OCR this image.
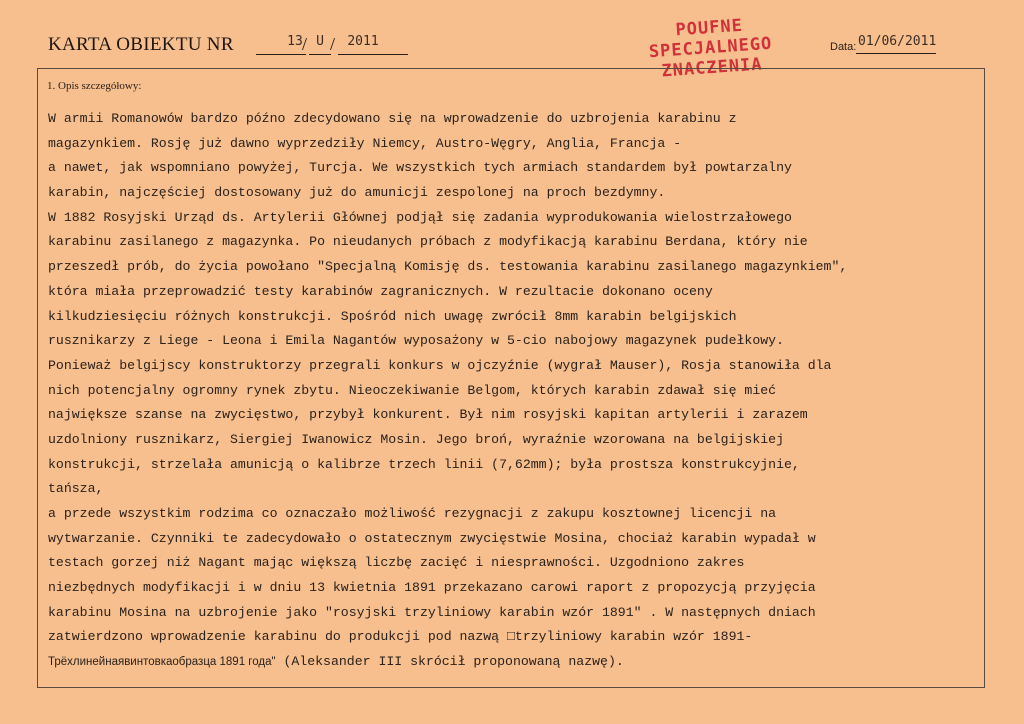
KARTA OBIEKTU NR	13 / U / 2011
POUFNE
SPECJALNEGO
ZNACZENIA
Data: 01/06/2011
1. Opis szczegółowy:
W armii Romanowów bardzo późno zdecydowano się na wprowadzenie do uzbrojenia karabinu z
magazynkiem. Rosję już dawno wyprzedziły Niemcy, Austro-Węgry, Anglia, Francja -
a nawet, jak wspomniano powyżej, Turcja. We wszystkich tych armiach standardem był powtarzalny
karabin, najczęściej dostosowany już do amunicji zespolonej na proch bezdymny.
W 1882 Rosyjski Urząd ds. Artylerii Głównej podjął się zadania wyprodukowania wielostrzałowego
karabinu zasilanego z magazynka. Po nieudanych próbach z modyfikacją karabinu Berdana, który nie
przeszedł prób, do życia powołano "Specjalną Komisję ds. testowania karabinu zasilanego magazynkiem",
która miała przeprowadzić testy karabinów zagranicznych. W rezultacie dokonano oceny
kilkudziesięciu różnych konstrukcji. Spośród nich uwagę zwrócił 8mm karabin belgijskich
rusznikarzy z Liege - Leona i Emila Nagantów wyposażony w 5-cio nabojowy magazynek pudełkowy.
Ponieważ belgijscy konstruktorzy przegrali konkurs w ojczyźnie (wygrał Mauser), Rosja stanowiła dla
nich potencjalny ogromny rynek zbytu. Nieoczekiwanie Belgom, których karabin zdawał się mieć
największe szanse na zwycięstwo, przybył konkurent. Był nim rosyjski kapitan artylerii i zarazem
uzdolniony rusznikarz, Siergiej Iwanowicz Mosin. Jego broń, wyraźnie wzorowana na belgijskiej
konstrukcji, strzelała amunicją o kalibrze trzech linii (7,62mm); była prostsza konstrukcyjnie,
tańsza,
a przede wszystkim rodzima co oznaczało możliwość rezygnacji z zakupu kosztownej licencji na
wytwarzanie. Czynniki te zadecydowało o ostatecznym zwycięstwie Mosina, chociaż karabin wypadał w
testach gorzej niż Nagant mając większą liczbę zacięć i niesprawności. Uzgodniono zakres
niezbędnych modyfikacji i w dniu 13 kwietnia 1891 przekazano carowi raport z propozycją przyjęcia
karabinu Mosina na uzbrojenie jako "rosyjski trzyliniowy karabin wzór 1891" . W następnych dniach
zatwierdzono wprowadzenie karabinu do produkcji pod nazwą □trzyliniowy karabin wzór 1891-
Трёхлинейнаявинтовкаобразца 1891 года" (Aleksander III skrócił proponowaną nazwę).
